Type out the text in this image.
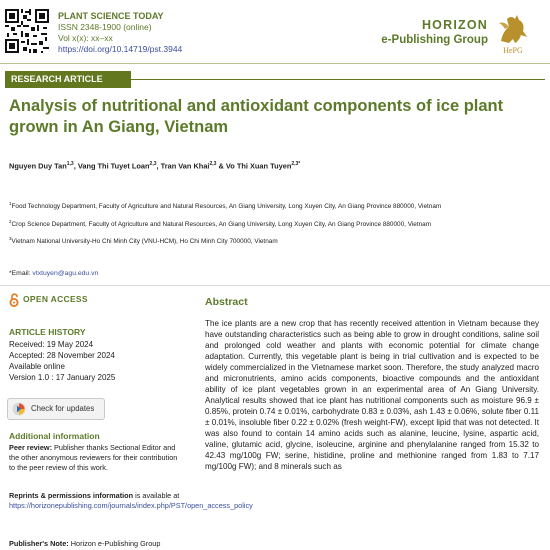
PLANT SCIENCE TODAY
ISSN 2348-1900 (online)
Vol x(x): xx–xx
https://doi.org/10.14719/pst.3944
HORIZON
e-Publishing Group
HePG
RESEARCH ARTICLE
Analysis of nutritional and antioxidant components of ice plant grown in An Giang, Vietnam
Nguyen Duy Tan$^{1,3}$, Vang Thi Tuyet Loan$^{2,3}$, Tran Van Khai$^{2,3}$ & Vo Thi Xuan Tuyen$^{2,3*}$
$^1$Food Technology Department, Faculty of Agriculture and Natural Resources, An Giang University, Long Xuyen City, An Giang Province 880000, Vietnam
$^2$Crop Science Department, Faculty of Agriculture and Natural Resources, An Giang University, Long Xuyen City, An Giang Province 880000, Vietnam
$^3$Vietnam National University-Ho Chi Minh City (VNU-HCM), Ho Chi Minh City 700000, Vietnam
*Email: vtxtuyen@agu.edu.vn
OPEN ACCESS
ARTICLE HISTORY
Received: 19 May 2024
Accepted: 28 November 2024
Available online
Version 1.0 : 17 January 2025
Check for updates
Additional information
Peer review: Publisher thanks Sectional Editor and the other anonymous reviewers for their contribution to the peer review of this work.
Reprints & permissions information is available at https://horizonepublishing.com/journals/index.php/PST/open_access_policy
Publisher's Note: Horizon e-Publishing Group
Abstract
The ice plants are a new crop that has recently received attention in Vietnam because they have outstanding characteristics such as being able to grow in drought conditions, saline soil and prolonged cold weather and plants with economic potential for climate change adaptation. Currently, this vegetable plant is being in trial cultivation and is expected to be widely commercialized in the Vietnamese market soon. Therefore, the study analyzed macro and micronutrients, amino acids components, bioactive compounds and the antioxidant ability of ice plant vegetables grown in an experimental area of An Giang University. Analytical results showed that ice plant has nutritional components such as moisture 96.9 ± 0.85%, protein 0.74 ± 0.01%, carbohydrate 0.83 ± 0.03%, ash 1.43 ± 0.06%, solute fiber 0.11 ± 0.01%, insoluble fiber 0.22 ± 0.02% (fresh weight-FW), except lipid that was not detected. It was also found to contain 14 amino acids such as alanine, leucine, lysine, aspartic acid, valine, glutamic acid, glycine, isoleucine, arginine and phenylalanine ranged from 15.32 to 42.43 mg/100g FW; serine, histidine, proline and methionine ranged from 1.83 to 7.17 mg/100g FW); and 8 minerals such as
